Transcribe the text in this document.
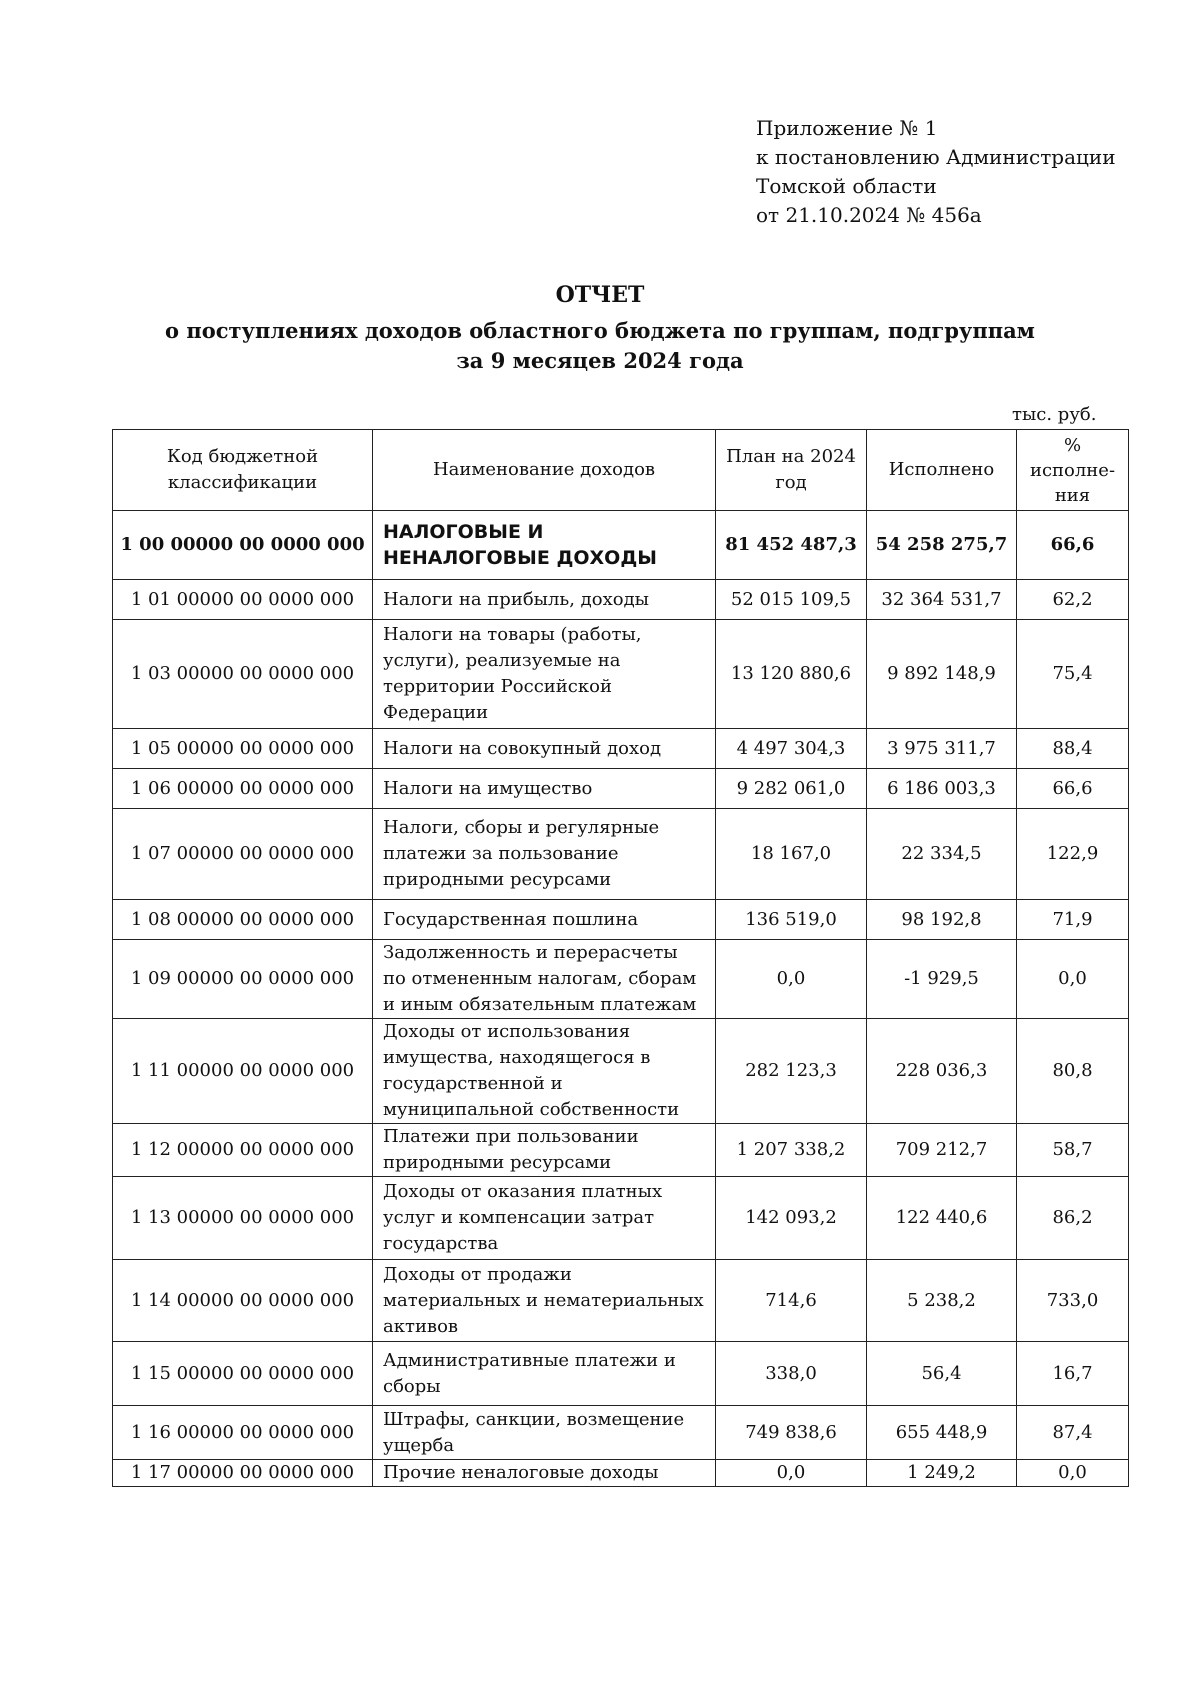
Приложение № 1
к постановлению Администрации
Томской области
от 21.10.2024 № 456а
ОТЧЕТ
о поступлениях доходов областного бюджета по группам, подгруппам
за 9 месяцев 2024 года
тыс. руб.
Код бюджетной классификации	Наименование доходов	План на 2024 год	Исполнено	% исполне-ния
1 00 00000 00 0000 000	НАЛОГОВЫЕ И НЕНАЛОГОВЫЕ ДОХОДЫ	81 452 487,3	54 258 275,7	66,6
1 01 00000 00 0000 000	Налоги на прибыль, доходы	52 015 109,5	32 364 531,7	62,2
1 03 00000 00 0000 000	Налоги на товары (работы, услуги), реализуемые на территории Российской Федерации	13 120 880,6	9 892 148,9	75,4
1 05 00000 00 0000 000	Налоги на совокупный доход	4 497 304,3	3 975 311,7	88,4
1 06 00000 00 0000 000	Налоги на имущество	9 282 061,0	6 186 003,3	66,6
1 07 00000 00 0000 000	Налоги, сборы и регулярные платежи за пользование природными ресурсами	18 167,0	22 334,5	122,9
1 08 00000 00 0000 000	Государственная пошлина	136 519,0	98 192,8	71,9
1 09 00000 00 0000 000	Задолженность и перерасчеты по отмененным налогам, сборам и иным обязательным платежам	0,0	-1 929,5	0,0
1 11 00000 00 0000 000	Доходы от использования имущества, находящегося в государственной и муниципальной собственности	282 123,3	228 036,3	80,8
1 12 00000 00 0000 000	Платежи при пользовании природными ресурсами	1 207 338,2	709 212,7	58,7
1 13 00000 00 0000 000	Доходы от оказания платных услуг и компенсации затрат государства	142 093,2	122 440,6	86,2
1 14 00000 00 0000 000	Доходы от продажи материальных и нематериальных активов	714,6	5 238,2	733,0
1 15 00000 00 0000 000	Административные платежи и сборы	338,0	56,4	16,7
1 16 00000 00 0000 000	Штрафы, санкции, возмещение ущерба	749 838,6	655 448,9	87,4
1 17 00000 00 0000 000	Прочие неналоговые доходы	0,0	1 249,2	0,0
